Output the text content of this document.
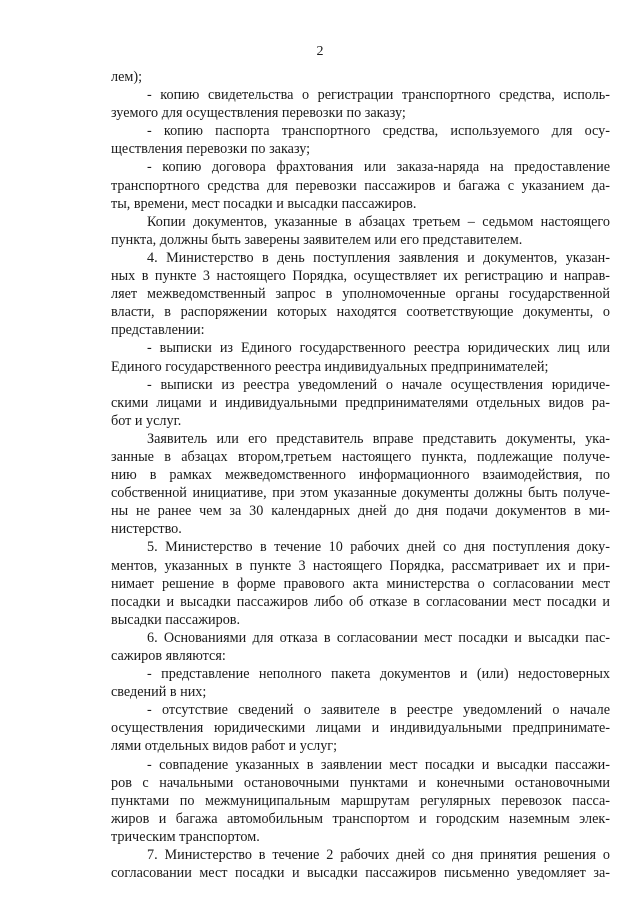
2
лем);
- копию свидетельства о регистрации транспортного средства, исполь-
зуемого для осуществления перевозки по заказу;
- копию паспорта транспортного средства, используемого для осу-
ществления перевозки по заказу;
- копию договора фрахтования или заказа-наряда на предоставление
транспортного средства для перевозки пассажиров и багажа с указанием да-
ты, времени, мест посадки и высадки пассажиров.
Копии документов, указанные в абзацах третьем – седьмом настоящего
пункта, должны быть заверены заявителем или его представителем.
4. Министерство в день поступления заявления и документов, указан-
ных в пункте 3 настоящего Порядка, осуществляет их регистрацию и направ-
ляет межведомственный запрос в уполномоченные органы государственной
власти, в распоряжении которых находятся соответствующие документы, о
представлении:
- выписки из Единого государственного реестра юридических лиц или
Единого государственного реестра индивидуальных предпринимателей;
- выписки из реестра уведомлений о начале осуществления юридиче-
скими лицами и индивидуальными предпринимателями отдельных видов ра-
бот и услуг.
Заявитель или его представитель вправе представить документы, ука-
занные в абзацах втором,третьем настоящего пункта, подлежащие получе-
нию в рамках межведомственного информационного взаимодействия, по
собственной инициативе, при этом указанные документы должны быть получе-
ны не ранее чем за 30 календарных дней до дня подачи документов в ми-
нистерство.
5. Министерство в течение 10 рабочих дней со дня поступления доку-
ментов, указанных в пункте 3 настоящего Порядка, рассматривает их и при-
нимает решение в форме правового акта министерства о согласовании мест
посадки и высадки пассажиров либо об отказе в согласовании мест посадки и
высадки пассажиров.
6. Основаниями для отказа в согласовании мест посадки и высадки пас-
сажиров являются:
- представление неполного пакета документов и (или) недостоверных
сведений в них;
- отсутствие сведений о заявителе в реестре уведомлений о начале
осуществления юридическими лицами и индивидуальными предпринимате-
лями отдельных видов работ и услуг;
- совпадение указанных в заявлении мест посадки и высадки пассажи-
ров с начальными остановочными пунктами и конечными остановочными
пунктами по межмуниципальным маршрутам регулярных перевозок пасса-
жиров и багажа автомобильным транспортом и городским наземным элек-
трическим транспортом.
7. Министерство в течение 2 рабочих дней со дня принятия решения о
согласовании мест посадки и высадки пассажиров письменно уведомляет за-
